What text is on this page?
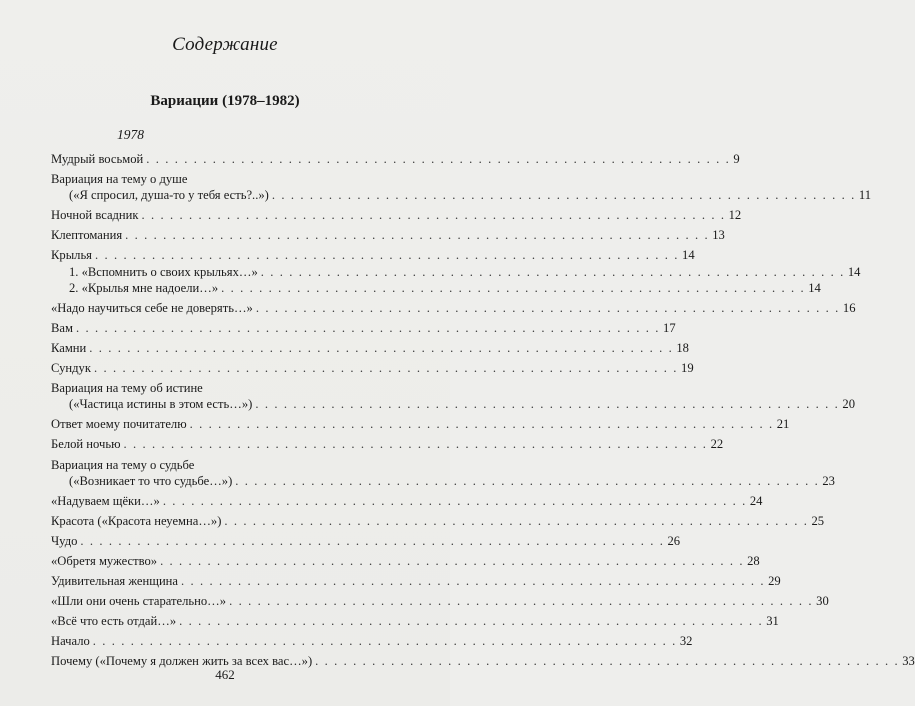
Содержание
Вариации (1978–1982)
1978
Мудрый восьмой . . . . . . . . . . . . . . . . . . . . . . . . . . . . . . . . . . . . . . . . . . . . . . . . . . . . . . . . . . . . . . 9
Вариация на тему о душе
(«Я спросил, душа-то у тебя есть?..») . . . . . . . . . . . . . . . . . . . . . . . . . . . . . . . . . . . . . . . . . . . . . . . . . . . . . . . . . . . . . . 11
Ночной всадник . . . . . . . . . . . . . . . . . . . . . . . . . . . . . . . . . . . . . . . . . . . . . . . . . . . . . . . . . . . . . . 12
Клептомания . . . . . . . . . . . . . . . . . . . . . . . . . . . . . . . . . . . . . . . . . . . . . . . . . . . . . . . . . . . . . . 13
Крылья . . . . . . . . . . . . . . . . . . . . . . . . . . . . . . . . . . . . . . . . . . . . . . . . . . . . . . . . . . . . . . 14
1. «Вспомнить о своих крыльях…» . . . . . . . . . . . . . . . . . . . . . . . . . . . . . . . . . . . . . . . . . . . . . . . . . . . . . . . . . . . . . . 14
2. «Крылья мне надоели…» . . . . . . . . . . . . . . . . . . . . . . . . . . . . . . . . . . . . . . . . . . . . . . . . . . . . . . . . . . . . . . 14
«Надо научиться себе не доверять…» . . . . . . . . . . . . . . . . . . . . . . . . . . . . . . . . . . . . . . . . . . . . . . . . . . . . . . . . . . . . . . 16
Вам . . . . . . . . . . . . . . . . . . . . . . . . . . . . . . . . . . . . . . . . . . . . . . . . . . . . . . . . . . . . . . 17
Камни . . . . . . . . . . . . . . . . . . . . . . . . . . . . . . . . . . . . . . . . . . . . . . . . . . . . . . . . . . . . . . 18
Сундук . . . . . . . . . . . . . . . . . . . . . . . . . . . . . . . . . . . . . . . . . . . . . . . . . . . . . . . . . . . . . . 19
Вариация на тему об истине
(«Частица истины в этом есть…») . . . . . . . . . . . . . . . . . . . . . . . . . . . . . . . . . . . . . . . . . . . . . . . . . . . . . . . . . . . . . . 20
Ответ моему почитателю . . . . . . . . . . . . . . . . . . . . . . . . . . . . . . . . . . . . . . . . . . . . . . . . . . . . . . . . . . . . . . 21
Белой ночью . . . . . . . . . . . . . . . . . . . . . . . . . . . . . . . . . . . . . . . . . . . . . . . . . . . . . . . . . . . . . . 22
Вариация на тему о судьбе
(«Возникает то что судьбе…») . . . . . . . . . . . . . . . . . . . . . . . . . . . . . . . . . . . . . . . . . . . . . . . . . . . . . . . . . . . . . . 23
«Надуваем щёки…» . . . . . . . . . . . . . . . . . . . . . . . . . . . . . . . . . . . . . . . . . . . . . . . . . . . . . . . . . . . . . . 24
Красота («Красота неуемна…») . . . . . . . . . . . . . . . . . . . . . . . . . . . . . . . . . . . . . . . . . . . . . . . . . . . . . . . . . . . . . . 25
Чудо . . . . . . . . . . . . . . . . . . . . . . . . . . . . . . . . . . . . . . . . . . . . . . . . . . . . . . . . . . . . . . 26
«Обретя мужество» . . . . . . . . . . . . . . . . . . . . . . . . . . . . . . . . . . . . . . . . . . . . . . . . . . . . . . . . . . . . . . 28
Удивительная женщина . . . . . . . . . . . . . . . . . . . . . . . . . . . . . . . . . . . . . . . . . . . . . . . . . . . . . . . . . . . . . . 29
«Шли они очень старательно…» . . . . . . . . . . . . . . . . . . . . . . . . . . . . . . . . . . . . . . . . . . . . . . . . . . . . . . . . . . . . . . 30
«Всё что есть отдай…» . . . . . . . . . . . . . . . . . . . . . . . . . . . . . . . . . . . . . . . . . . . . . . . . . . . . . . . . . . . . . . 31
Начало . . . . . . . . . . . . . . . . . . . . . . . . . . . . . . . . . . . . . . . . . . . . . . . . . . . . . . . . . . . . . . 32
Почему («Почему я должен жить за всех вас…») . . . . . . . . . . . . . . . . . . . . . . . . . . . . . . . . . . . . . . . . . . . . . . . . . . . . . . . . . . . . . . 33
462
